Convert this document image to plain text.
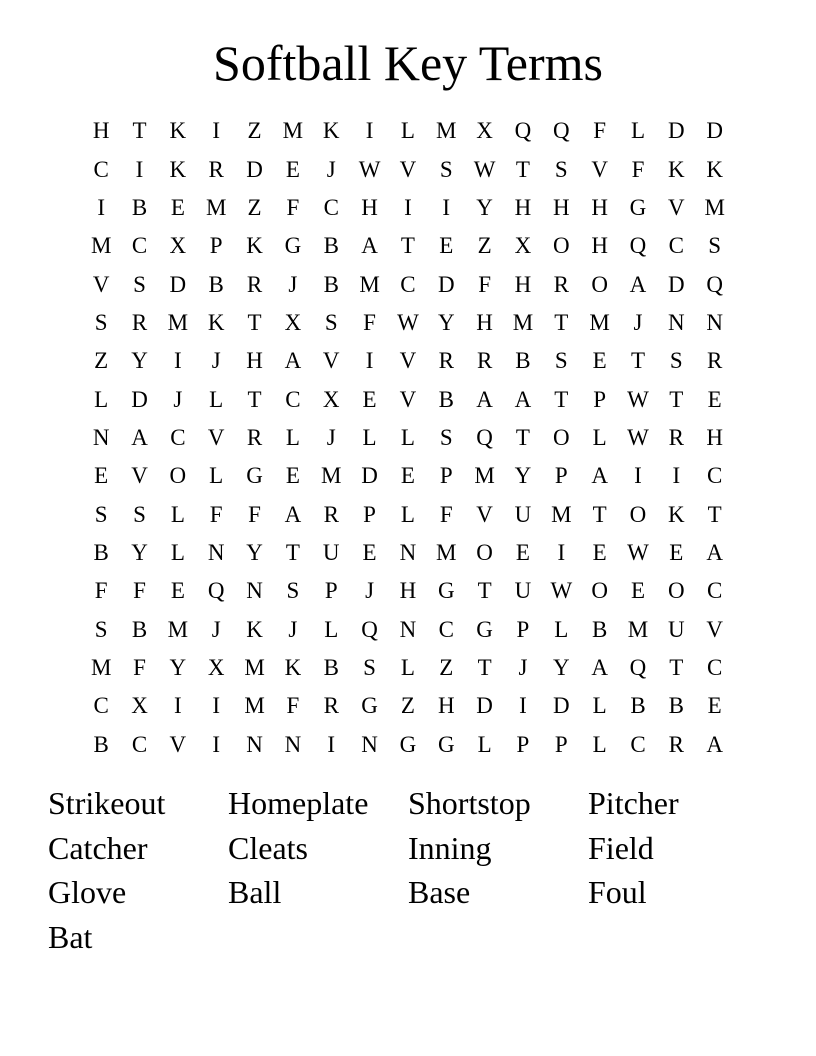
Softball Key Terms
H	T	K	I	Z M K	I	L M X Q Q	F	L	D D
C	I	K R D	E	J	W V	S W T	S	V	F	K K
I	B	E M Z	F	C H	I	I	Y H H H G V M
M C X	P	K G B A	T	E	Z	X O H Q C	S
V	S	D B	R	J	B M C D	F	H R O A D Q
S	R M K	T	X	S	F W Y H M T M	J	N N
Z	Y	I	J	H A V	I	V R	R	B	S	E	T	S	R
L	D	J	L	T	C X	E	V B A A	T	P W T	E
N A C V R	L	J	L	L	S	Q	T	O	L W R H
E	V O	L	G	E M D	E	P M Y	P	A	I	I	C
S	S	L	F	F	A R	P	L	F	V U M T	O K	T
B Y	L	N Y	T	U	E	N M O	E	I	E W E	A
F	F	E	Q N	S	P	J	H G	T	U W O	E	O C
S	B M	J	K	J	L	Q N C G	P	L	B M U V
M F	Y X M K B	S	L	Z	T	J	Y A Q	T	C
C X	I	I	M F	R G	Z	H D	I	D	L	B	B	E
B	C V	I	N N	I	N G G	L	P	P	L	C	R A
Strikeout	Homeplate	Shortstop	Pitcher
Catcher	Cleats	Inning	Field
Glove	Ball	Base	Foul
Bat
